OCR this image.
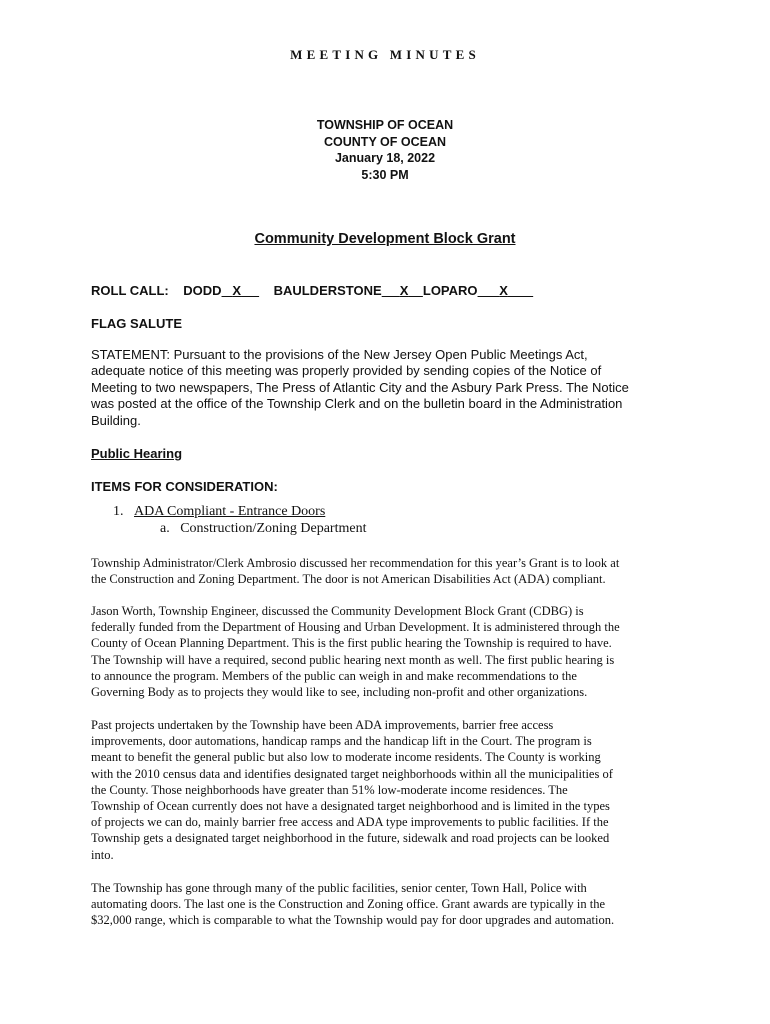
MEETING MINUTES
TOWNSHIP OF OCEAN
COUNTY OF OCEAN
January 18, 2022
5:30 PM
Community Development Block Grant
ROLL CALL: DODD X	BAULDERSTONE X LOPARO X
FLAG SALUTE
STATEMENT: Pursuant to the provisions of the New Jersey Open Public Meetings Act,
adequate notice of this meeting was properly provided by sending copies of the Notice of
Meeting to two newspapers, The Press of Atlantic City and the Asbury Park Press. The Notice
was posted at the office of the Township Clerk and on the bulletin board in the Administration
Building.
Public Hearing
ITEMS FOR CONSIDERATION:
1. ADA Compliant - Entrance Doors
a. Construction/Zoning Department
Township Administrator/Clerk Ambrosio discussed her recommendation for this year’s Grant is to look at
the Construction and Zoning Department. The door is not American Disabilities Act (ADA) compliant.
Jason Worth, Township Engineer, discussed the Community Development Block Grant (CDBG) is
federally funded from the Department of Housing and Urban Development. It is administered through the
County of Ocean Planning Department. This is the first public hearing the Township is required to have.
The Township will have a required, second public hearing next month as well. The first public hearing is
to announce the program. Members of the public can weigh in and make recommendations to the
Governing Body as to projects they would like to see, including non-profit and other organizations.
Past projects undertaken by the Township have been ADA improvements, barrier free access
improvements, door automations, handicap ramps and the handicap lift in the Court. The program is
meant to benefit the general public but also low to moderate income residents. The County is working
with the 2010 census data and identifies designated target neighborhoods within all the municipalities of
the County. Those neighborhoods have greater than 51% low-moderate income residences. The
Township of Ocean currently does not have a designated target neighborhood and is limited in the types
of projects we can do, mainly barrier free access and ADA type improvements to public facilities. If the
Township gets a designated target neighborhood in the future, sidewalk and road projects can be looked
into.
The Township has gone through many of the public facilities, senior center, Town Hall, Police with
automating doors. The last one is the Construction and Zoning office. Grant awards are typically in the
$32,000 range, which is comparable to what the Township would pay for door upgrades and automation.
